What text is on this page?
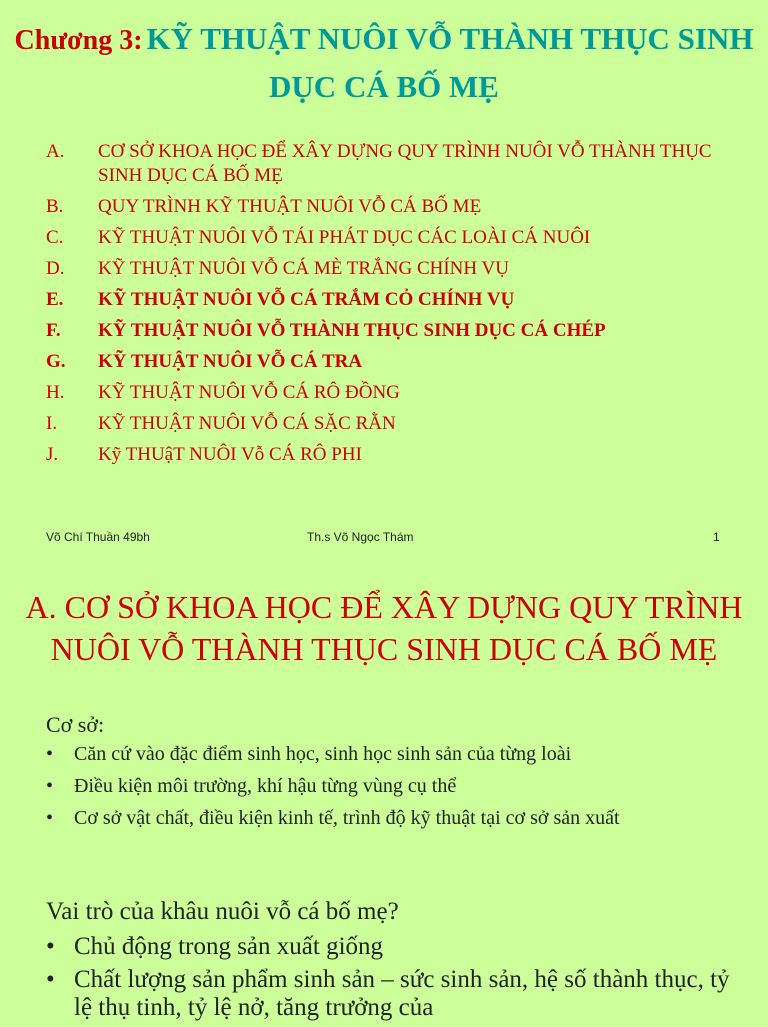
Chương 3: KỸ THUẬT NUÔI VỖ THÀNH THỤC SINH DỤC CÁ BỐ MẸ
A. CƠ SỞ KHOA HỌC ĐỂ XÂY DỰNG QUY TRÌNH NUÔI VỖ THÀNH THỤC SINH DỤC CÁ BỐ MẸ
B. QUY TRÌNH KỸ THUẬT NUÔI VỖ CÁ BỐ MẸ
C. KỸ THUẬT NUÔI VỖ TÁI PHÁT DỤC CÁC LOÀI CÁ NUÔI
D. KỸ THUẬT NUÔI VỖ CÁ MÈ TRẮNG CHÍNH VỤ
E. KỸ THUẬT NUÔI VỖ CÁ TRẮM CỎ CHÍNH VỤ
F. KỸ THUẬT NUÔI VỖ THÀNH THỤC SINH DỤC CÁ CHÉP
G. KỸ THUẬT NUÔI VỖ CÁ TRA
H. KỸ THUẬT NUÔI VỖ CÁ RÔ ĐỒNG
I. KỸ THUẬT NUÔI VỖ CÁ SẶC RẰN
J. Kỹ THUậT NUÔI Vỗ CÁ RÔ PHI
Võ Chí Thuần 49bh	Th.s Võ Ngọc Thám	1
A. CƠ SỞ KHOA HỌC ĐỂ XÂY DỰNG QUY TRÌNH NUÔI VỖ THÀNH THỤC SINH DỤC CÁ BỐ MẸ
Cơ sở:
• Căn cứ vào đặc điểm sinh học, sinh học sinh sản của từng loài
• Điều kiện môi trường, khí hậu từng vùng cụ thể
• Cơ sở vật chất, điều kiện kinh tế, trình độ kỹ thuật tại cơ sở sản xuất
Vai trò của khâu nuôi vỗ cá bố mẹ?
• Chủ động trong sản xuất giống
• Chất lượng sản phẩm sinh sản – sức sinh sản, hệ số thành thục, tỷ lệ thụ tinh, tỷ lệ nở, tăng trưởng của
